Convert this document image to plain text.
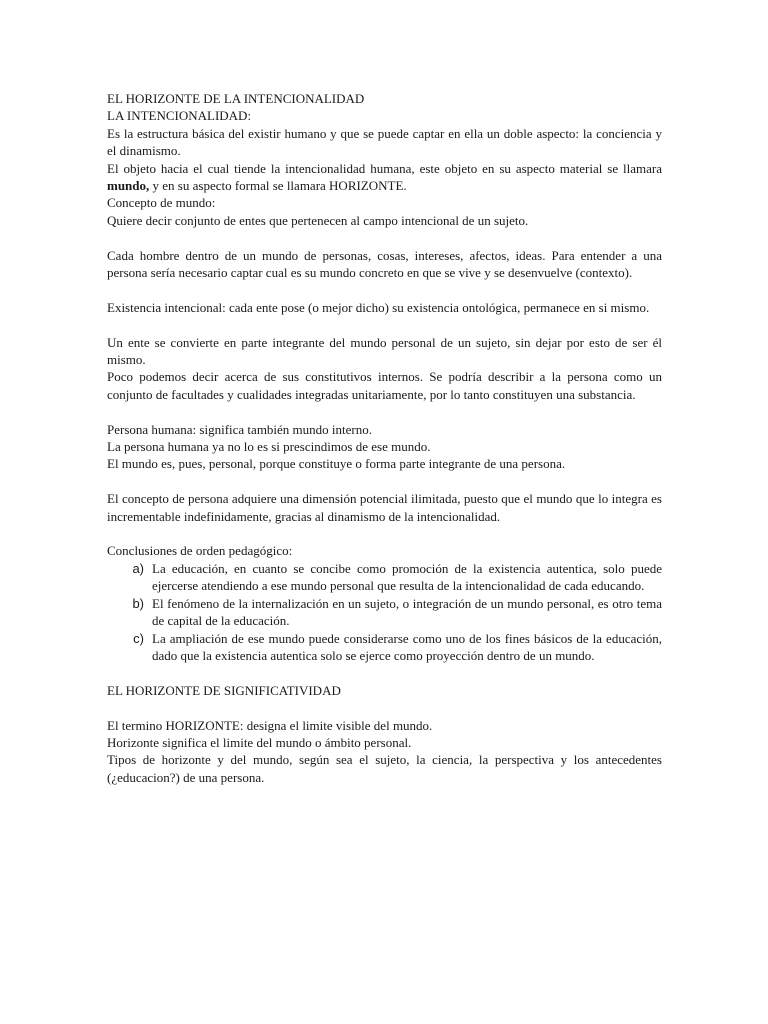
EL HORIZONTE DE LA INTENCIONALIDAD

LA INTENCIONALIDAD:

Es la estructura básica del existir humano y que se puede captar en ella un doble aspecto: la conciencia y el dinamismo.

El objeto hacia el cual tiende la intencionalidad humana, este objeto en su aspecto material se llamara mundo, y en su aspecto formal se llamara HORIZONTE.

Concepto de mundo:

Quiere decir conjunto de entes que pertenecen al campo intencional de un sujeto.

Cada hombre dentro de un mundo de personas, cosas, intereses, afectos, ideas. Para entender a una persona sería necesario captar cual es su mundo concreto en que se vive y se desenvuelve (contexto).

Existencia intencional: cada ente pose (o mejor dicho) su existencia ontológica, permanece en si mismo.

Un ente se convierte en parte integrante del mundo personal de un sujeto, sin dejar por esto de ser él mismo.

Poco podemos decir acerca de sus constitutivos internos. Se podría describir a la persona como un conjunto de facultades y cualidades integradas unitariamente, por lo tanto constituyen una substancia.

Persona humana: significa también mundo interno.

La persona humana ya no lo es si prescindimos de ese mundo.

El mundo es, pues, personal, porque constituye o forma parte integrante de una persona.

El concepto de persona adquiere una dimensión potencial ilimitada, puesto que el mundo que lo integra es incrementable indefinidamente, gracias al dinamismo de la intencionalidad.

Conclusiones de orden pedagógico:

a) La educación, en cuanto se concibe como promoción de la existencia autentica, solo puede ejercerse atendiendo a ese mundo personal que resulta de la intencionalidad de cada educando.
b) El fenómeno de la internalización en un sujeto, o integración de un mundo personal, es otro tema de capital de la educación.
c) La ampliación de ese mundo puede considerarse como uno de los fines básicos de la educación, dado que la existencia autentica solo se ejerce como proyección dentro de un mundo.

EL HORIZONTE DE SIGNIFICATIVIDAD

El termino HORIZONTE: designa el limite visible del mundo.

Horizonte significa el limite del mundo o ámbito personal.

Tipos de horizonte y del mundo, según sea el sujeto, la ciencia, la perspectiva y los antecedentes (¿educacion?) de una persona.
